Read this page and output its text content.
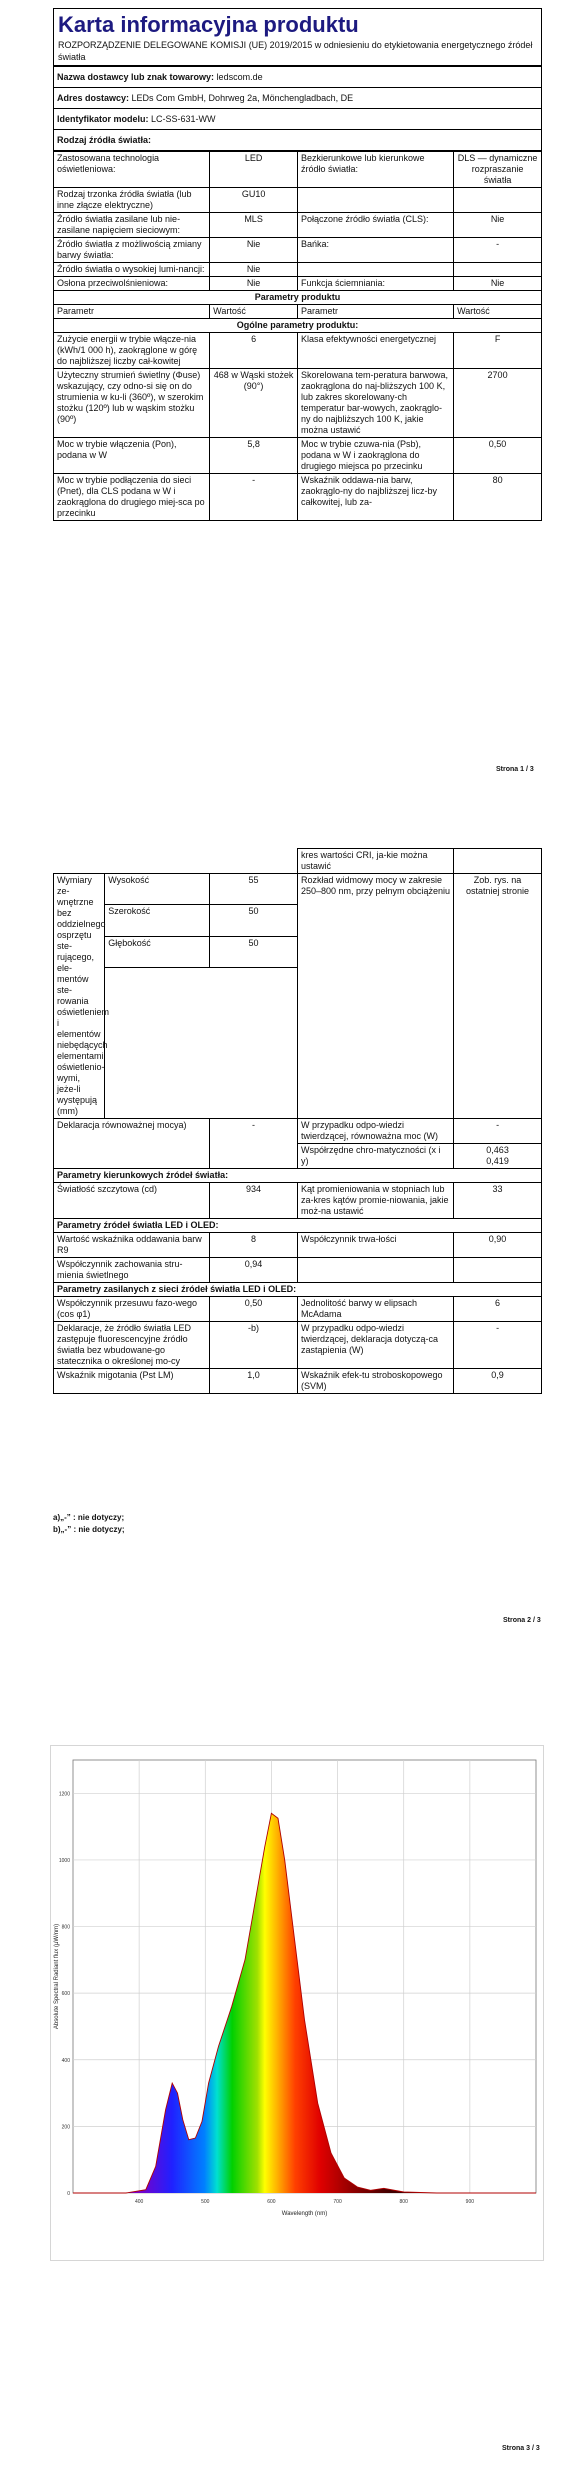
Karta informacyjna produktu
ROZPORZĄDZENIE DELEGOWANE KOMISJI (UE) 2019/2015 w odniesieniu do etykietowania energetycznego źródeł światła
Nazwa dostawcy lub znak towarowy: ledscom.de
Adres dostawcy: LEDs Com GmbH, Dohrweg 2a, Mönchengladbach, DE
Identyfikator modelu: LC-SS-631-WW
Rodzaj źródła światła:
Zastosowana technologia oświetleniowa:	LED	Bezkierunkowe lub kierunkowe źródło światła:	DLS — dynamiczne rozpraszanie światła
Rodzaj trzonka źródła światła (lub inne złącze elektryczne)	GU10		
Źródło światła zasilane lub nie-zasilane napięciem sieciowym:	MLS	Połączone źródło światła (CLS):	Nie
Źródło światła z możliwością zmiany barwy światła:	Nie	Bańka:	-
Źródło światła o wysokiej lumi-nancji:	Nie		
Osłona przeciwolśnieniowa:	Nie	Funkcja ściemniania:	Nie
Parametry produktu			
Parametr	Wartość	Parametr	Wartość
Ogólne parametry produktu:			
Zużycie energii w trybie włącze-nia (kWh/1 000 h), zaokrąglone w górę do najbliższej liczby cał-kowitej	6	Klasa efektywności energetycznej	F
Użyteczny strumień świetlny (Φuse) wskazujący, czy odno-si się on do strumienia w ku-li (360º), w szerokim stożku (120º) lub w wąskim stożku (90º)	468 w Wąski stożek (90°)	Skorelowana tem-peratura barwowa, zaokrąglona do naj-bliższych 100 K, lub zakres skorelowany-ch temperatur bar-wowych, zaokrąglo-ny do najbliższych 100 K, jakie można ustawić	2700
Moc w trybie włączenia (Pon), podana w W	5,8	Moc w trybie czuwa-nia (Psb), podana w W i zaokrąglona do drugiego miejsca po przecinku	0,50
Moc w trybie podłączenia do sieci (Pnet), dla CLS podana w W i zaokrąglona do drugiego miej-sca po przecinku	-	Wskaźnik oddawa-nia barw, zaokrąglo-ny do najbliższej licz-by całkowitej, lub za-	80
Strona 1 / 3
			kres wartości CRI, ja-kie można ustawić	
Wymiary ze-wnętrzne bez oddzielnego osprzętu ste-rującego, ele-mentów ste-rowania oświetleniem i elementów niebędących elementami oświetlenio-wymi, jeże-li występują (mm)	Wysokość	55	Rozkład widmowy mocy w zakresie 250–800 nm, przy pełnym obciążeniu	Zob. rys. na ostatniej stronie
	Szerokość	50		
	Głębokość	50		

Deklaracja równoważnej mocya)		-	W przypadku odpo-wiedzi twierdzącej, równoważna moc (W)	-
			Współrzędne chro-matyczności (x i y)	0,463
0,419

Parametry kierunkowych źródeł światła:				
Światłość szczytowa (cd)		934	Kąt promieniowania w stopniach lub za-kres kątów promie-niowania, jakie moż-na ustawić	33
Parametry źródeł światła LED i OLED:				
Wartość wskaźnika oddawania barw R9		8	Współczynnik trwa-łości	0,90
Współczynnik zachowania stru-mienia świetlnego		0,94		
Parametry zasilanych z sieci źródeł światła LED i OLED:				
Współczynnik przesuwu fazo-wego (cos φ1)		0,50	Jednolitość barwy w elipsach McAdama	6
Deklaracje, że źródło światła LED zastępuje fluorescencyjne źródło światła bez wbudowane-go statecznika o określonej mo-cy		-b)	W przypadku odpo-wiedzi twierdzącej, deklaracja dotyczą-ca zastąpienia (W)	-
Wskaźnik migotania (Pst LM)		1,0	Wskaźnik efek-tu stroboskopowego (SVM)	0,9
a)„-” : nie dotyczy;
b)„-” : nie dotyczy;
Strona 2 / 3
400	500	600	700	800	900
0
200
400
600
800
1000
1200
Wavelength (nm)
Absolute Spectral Radiant flux (μW/nm)
Strona 3 / 3
